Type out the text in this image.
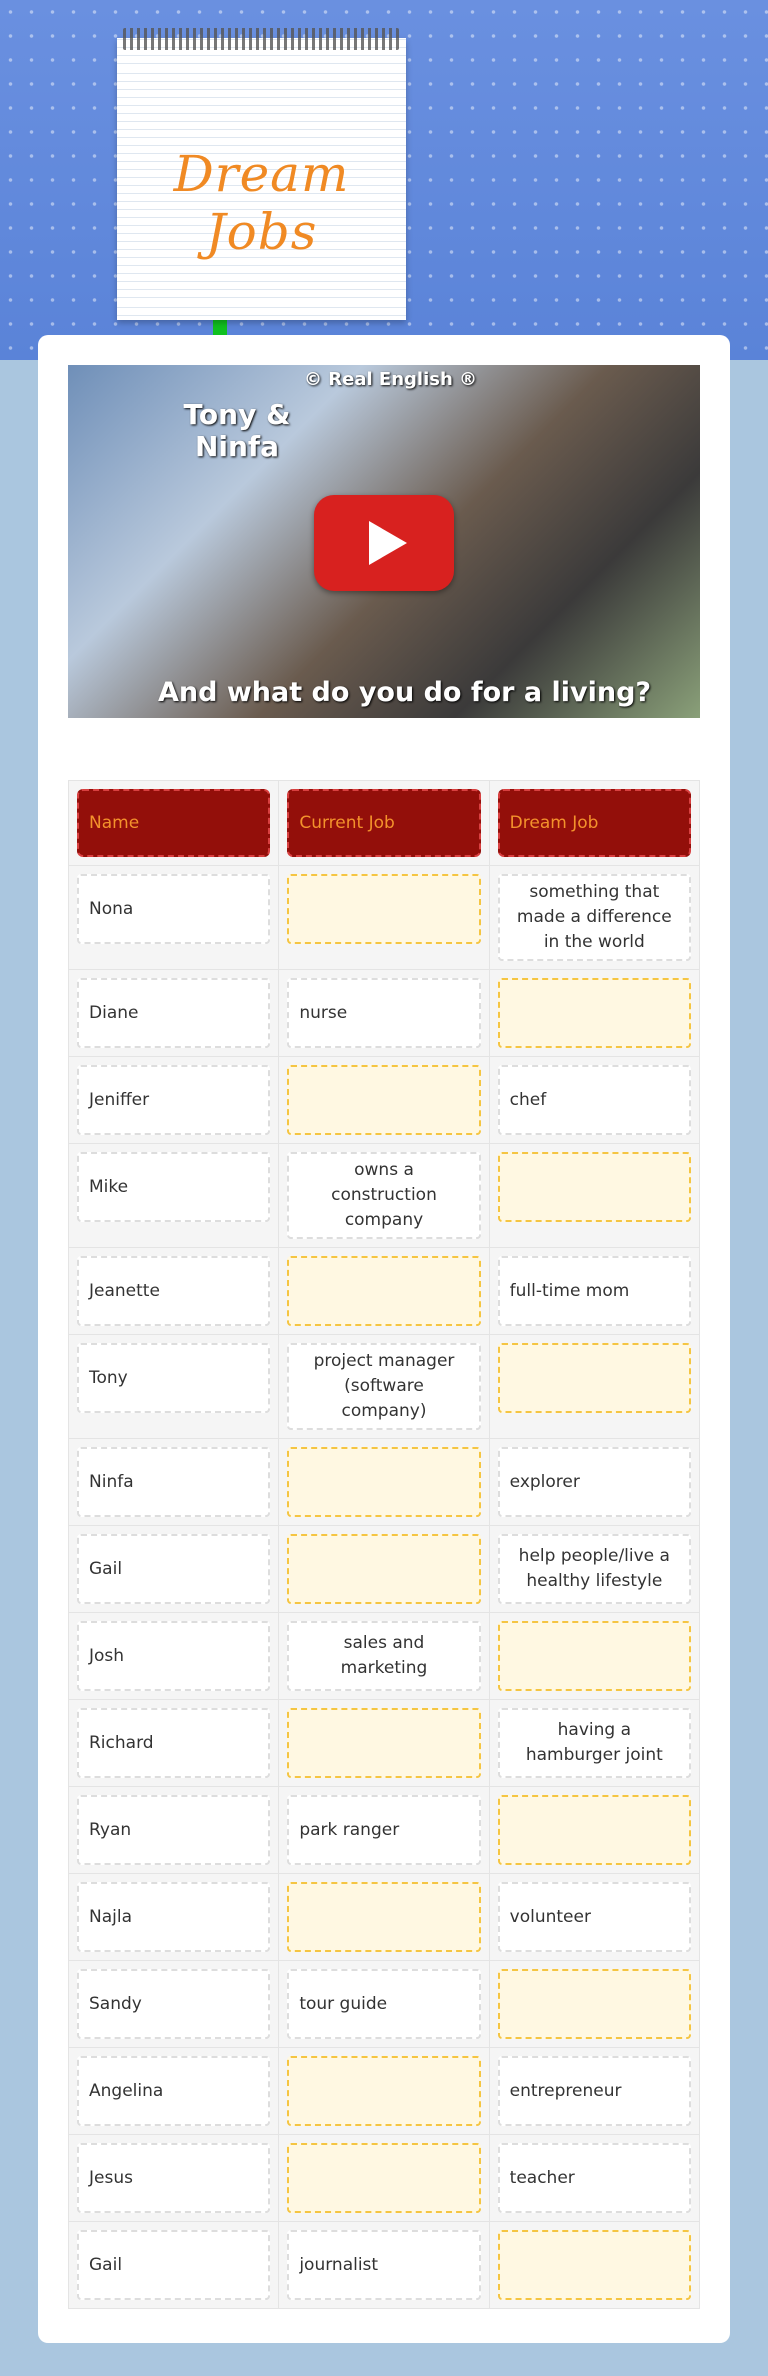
Dream Jobs
© Real English ®
Tony & Ninfa
And what do you do for a living?
Name	Current Job	Dream Job

Nona		something that made a difference in the world

Diane	nurse	

Jeniffer		chef

Mike	owns a construction company	

Jeanette		full-time mom

Tony	project manager (software company)	

Ninfa		explorer

Gail		help people/live a healthy lifestyle

Josh	sales and marketing	

Richard		having a hamburger joint

Ryan	park ranger	

Najla		volunteer

Sandy	tour guide	

Angelina		entrepreneur

Jesus		teacher

Gail	journalist	
